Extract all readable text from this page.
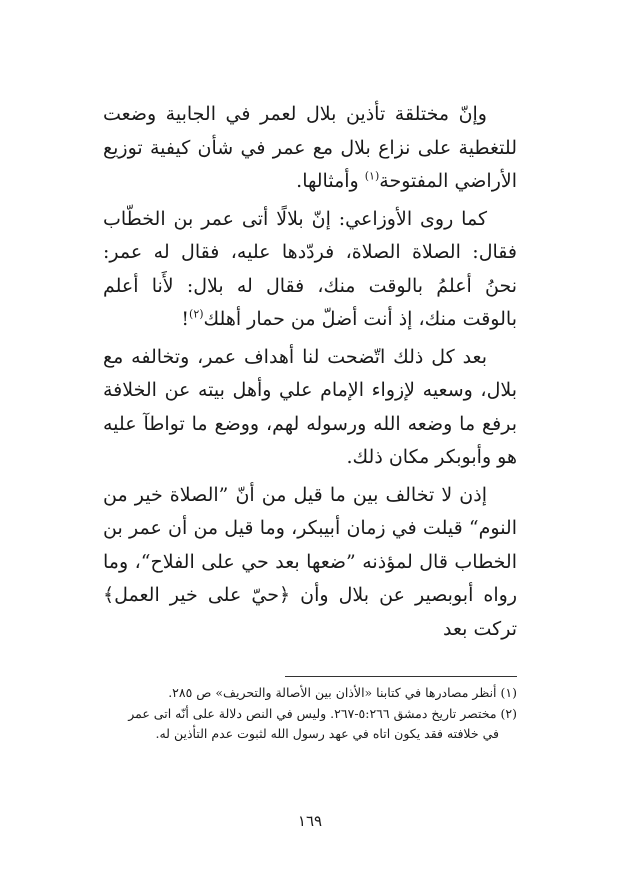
وإنّ مختلقة تأذين بلال لعمر في الجابية وضعت للتغطية على نزاع بلال مع عمر في شأن كيفية توزيع الأراضي المفتوحة$^{(١)}$ وأمثالها.

كما روى الأوزاعي: إنّ بلالًا أتى عمر بن الخطّاب فقال: الصلاة الصلاة، فردّدها عليه، فقال له عمر: نحنُ أعلمُ بالوقت منك، فقال له بلال: لأَنا أعلم بالوقت منك، إذ أنت أضلّ من حمار أهلك$^{(٢)}$!

بعد كل ذلك اتّضحت لنا أهداف عمر، وتخالفه مع بلال، وسعيه لإزواء الإمام علي وأهل بيته عن الخلافة برفع ما وضعه الله ورسوله لهم، ووضع ما تواطآ عليه هو وأبوبكر مكان ذلك.

إذن لا تخالف بين ما قيل من أنّ ”الصلاة خير من النوم“ قيلت في زمان أبيبكر، وما قيل من أن عمر بن الخطاب قال لمؤذنه ”ضعها بعد حي على الفلاح“، وما رواه أبوبصير عن بلال وأن ﴿حيّ على خير العمل﴾ تركت بعد

(١) أنظر مصادرها في كتابنا «الأذان بين الأصالة والتحريف» ص ٢٨٥.

(٢) مختصر تاريخ دمشق ٥:٢٦٦-٢٦٧. وليس في النص دلالة على أنّه اتى عمر

في خلافته فقد يكون اتاه في عهد رسول الله لثبوت عدم التأذين له.

١٦٩
